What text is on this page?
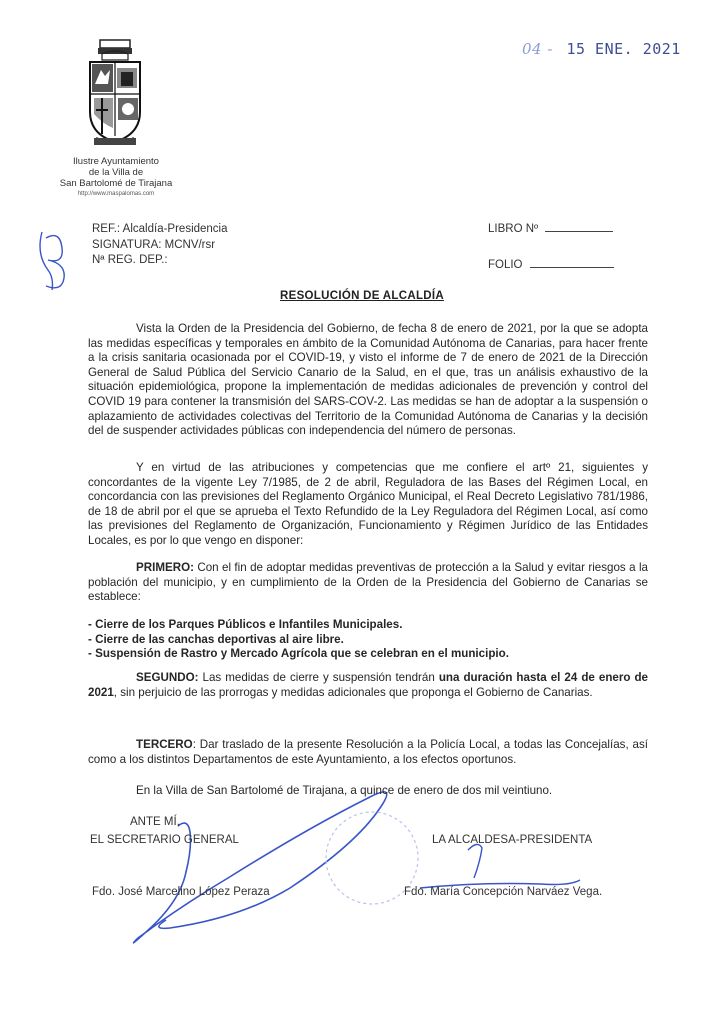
04 - 15 ENE. 2021
Ilustre Ayuntamiento
de la Villa de
San Bartolomé de Tirajana
http://www.maspalomas.com
REF.: Alcaldía-Presidencia
SIGNATURA: MCNV/rsr
Nª REG. DEP.:
LIBRO Nº
FOLIO
RESOLUCIÓN DE ALCALDÍA
Vista la Orden de la Presidencia del Gobierno, de fecha 8 de enero de 2021, por la que se adopta las medidas específicas y temporales en ámbito de la Comunidad Autónoma de Canarias, para hacer frente a la crisis sanitaria ocasionada por el COVID-19, y visto el informe de 7 de enero de 2021 de la Dirección General de Salud Pública del Servicio Canario de la Salud, en el que, tras un análisis exhaustivo de la situación epidemiológica, propone la implementación de medidas adicionales de prevención y control del COVID 19 para contener la transmisión del SARS-COV-2. Las medidas se han de adoptar a la suspensión o aplazamiento de actividades colectivas del Territorio de la Comunidad Autónoma de Canarias y la decisión del de suspender actividades públicas con independencia del número de personas.
Y en virtud de las atribuciones y competencias que me confiere el artº 21, siguientes y concordantes de la vigente Ley 7/1985, de 2 de abril, Reguladora de las Bases del Régimen Local, en concordancia con las previsiones del Reglamento Orgánico Municipal, el Real Decreto Legislativo 781/1986, de 18 de abril por el que se aprueba el Texto Refundido de la Ley Reguladora del Régimen Local, así como las previsiones del Reglamento de Organización, Funcionamiento y Régimen Jurídico de las Entidades Locales, es por lo que vengo en disponer:
PRIMERO: Con el fin de adoptar medidas preventivas de protección a la Salud y evitar riesgos a la población del municipio, y en cumplimiento de la Orden de la Presidencia del Gobierno de Canarias se establece:
- Cierre de los Parques Públicos e Infantiles Municipales.
- Cierre de las canchas deportivas al aire libre.
- Suspensión de Rastro y Mercado Agrícola que se celebran en el municipio.
SEGUNDO: Las medidas de cierre y suspensión tendrán una duración hasta el 24 de enero de 2021, sin perjuicio de las prorrogas y medidas adicionales que proponga el Gobierno de Canarias.
TERCERO: Dar traslado de la presente Resolución a la Policía Local, a todas las Concejalías, así como a los distintos Departamentos de este Ayuntamiento, a los efectos oportunos.
En la Villa de San Bartolomé de Tirajana, a quince de enero de dos mil veintiuno.
ANTE MÍ,
EL SECRETARIO GENERAL	LA ALCALDESA-PRESIDENTA
Fdo. José Marcelino López Peraza	Fdo. María Concepción Narváez Vega.
